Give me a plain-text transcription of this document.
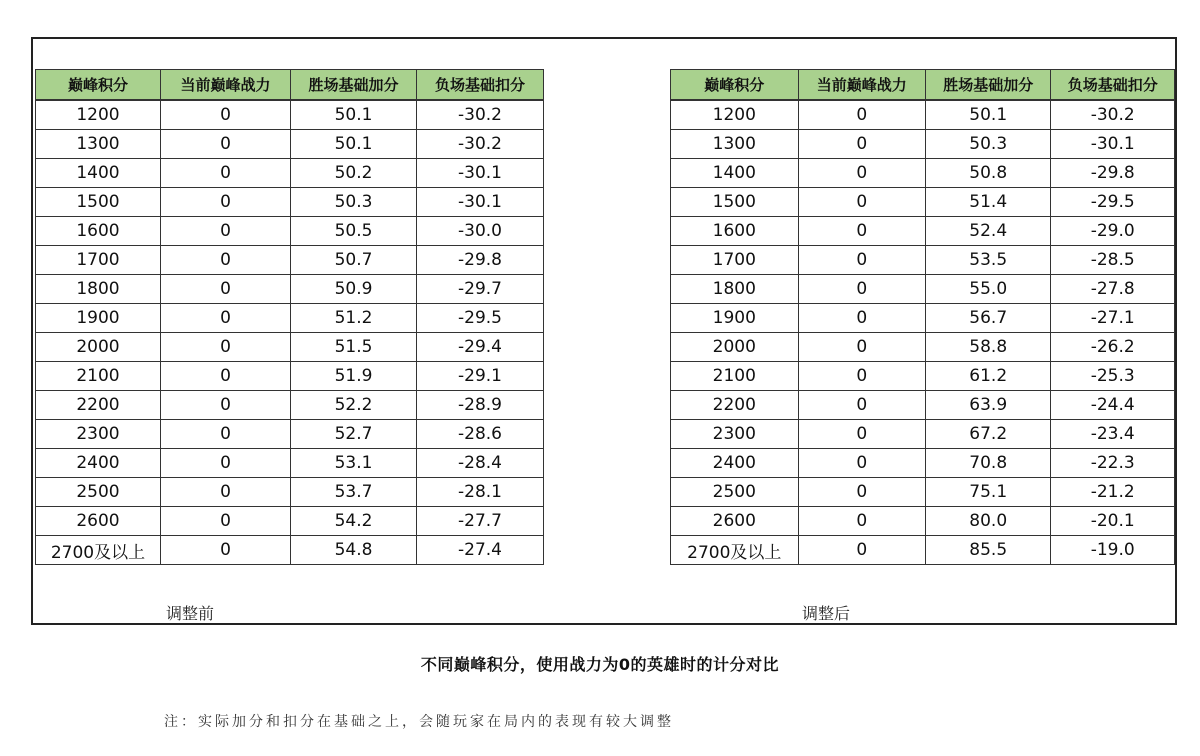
巅峰积分	当前巅峰战力	胜场基础加分	负场基础扣分
1200	0	50.1	-30.2
1300	0	50.1	-30.2
1400	0	50.2	-30.1
1500	0	50.3	-30.1
1600	0	50.5	-30.0
1700	0	50.7	-29.8
1800	0	50.9	-29.7
1900	0	51.2	-29.5
2000	0	51.5	-29.4
2100	0	51.9	-29.1
2200	0	52.2	-28.9
2300	0	52.7	-28.6
2400	0	53.1	-28.4
2500	0	53.7	-28.1
2600	0	54.2	-27.7
2700及以上	0	54.8	-27.4
调整前
巅峰积分	当前巅峰战力	胜场基础加分	负场基础扣分
1200	0	50.1	-30.2
1300	0	50.3	-30.1
1400	0	50.8	-29.8
1500	0	51.4	-29.5
1600	0	52.4	-29.0
1700	0	53.5	-28.5
1800	0	55.0	-27.8
1900	0	56.7	-27.1
2000	0	58.8	-26.2
2100	0	61.2	-25.3
2200	0	63.9	-24.4
2300	0	67.2	-23.4
2400	0	70.8	-22.3
2500	0	75.1	-21.2
2600	0	80.0	-20.1
2700及以上	0	85.5	-19.0
调整后
不同巅峰积分，使用战力为0的英雄时的计分对比
注：实际加分和扣分在基础之上，会随玩家在局内的表现有较大调整
